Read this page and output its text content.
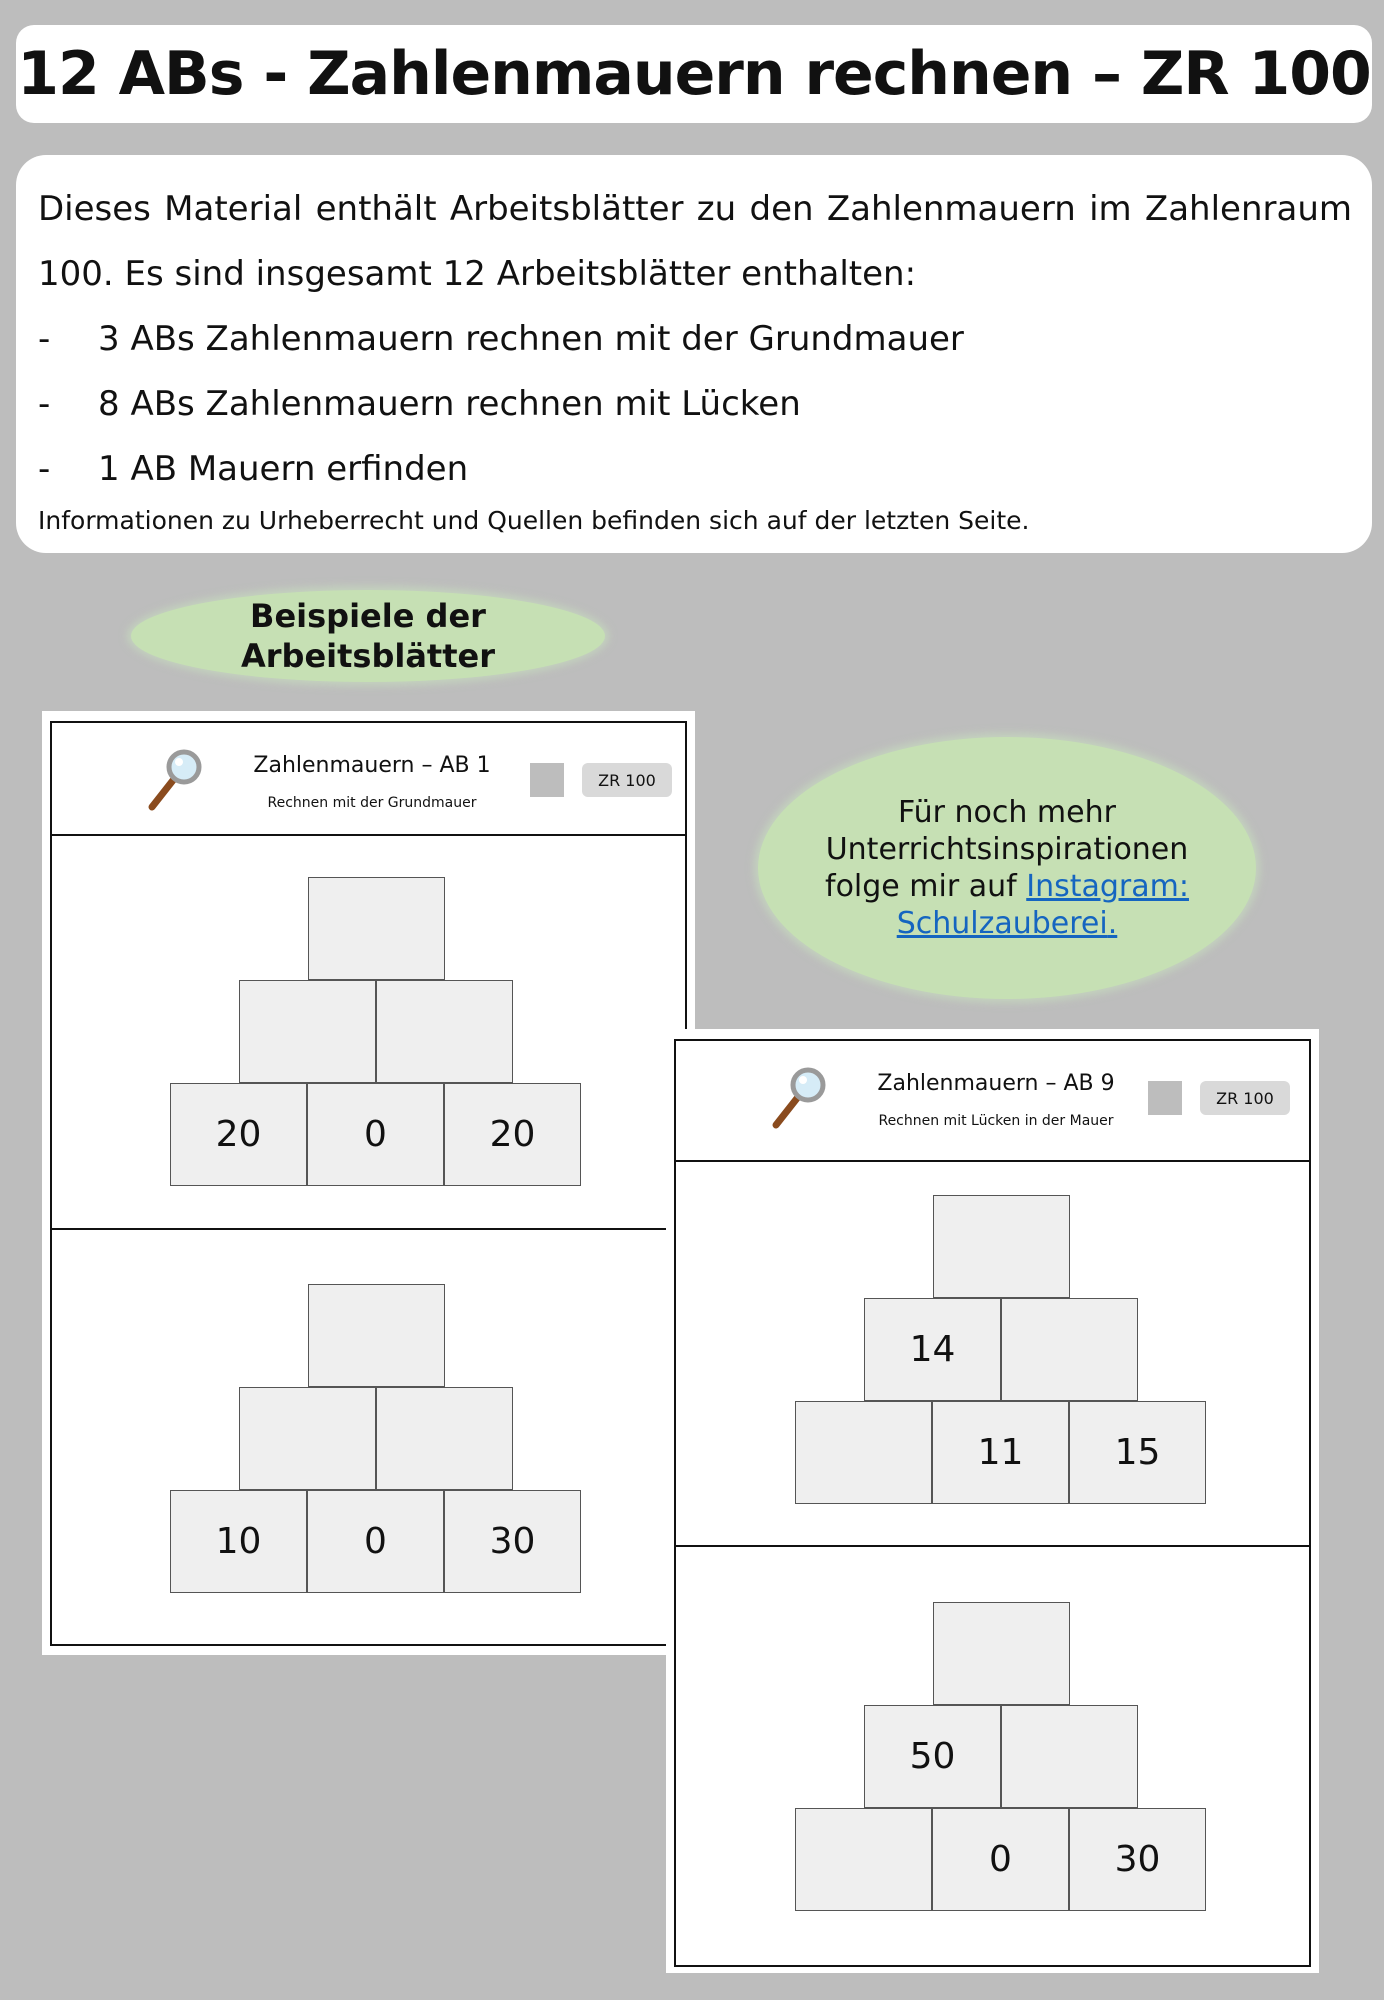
12 ABs - Zahlenmauern rechnen – ZR 100

Dieses Material enthält Arbeitsblätter zu den Zahlenmauern im Zahlenraum 100. Es sind insgesamt 12 Arbeitsblätter enthalten:

-	3 ABs Zahlenmauern rechnen mit der Grundmauer
-	8 ABs Zahlenmauern rechnen mit Lücken
-	1 AB Mauern erfinden
Informationen zu Urheberrecht und Quellen befinden sich auf der letzten Seite.
Beispiele der
Arbeitsblätter
Zahlenmauern – AB 1
Rechnen mit der Grundmauer
ZR 100
20	0	20
10	0	30
Für noch mehr
Unterrichtsinspirationen
folge mir auf Instagram:
Schulzauberei.
Zahlenmauern – AB 9
Rechnen mit Lücken in der Mauer
ZR 100
14
11	15
50
0	30
